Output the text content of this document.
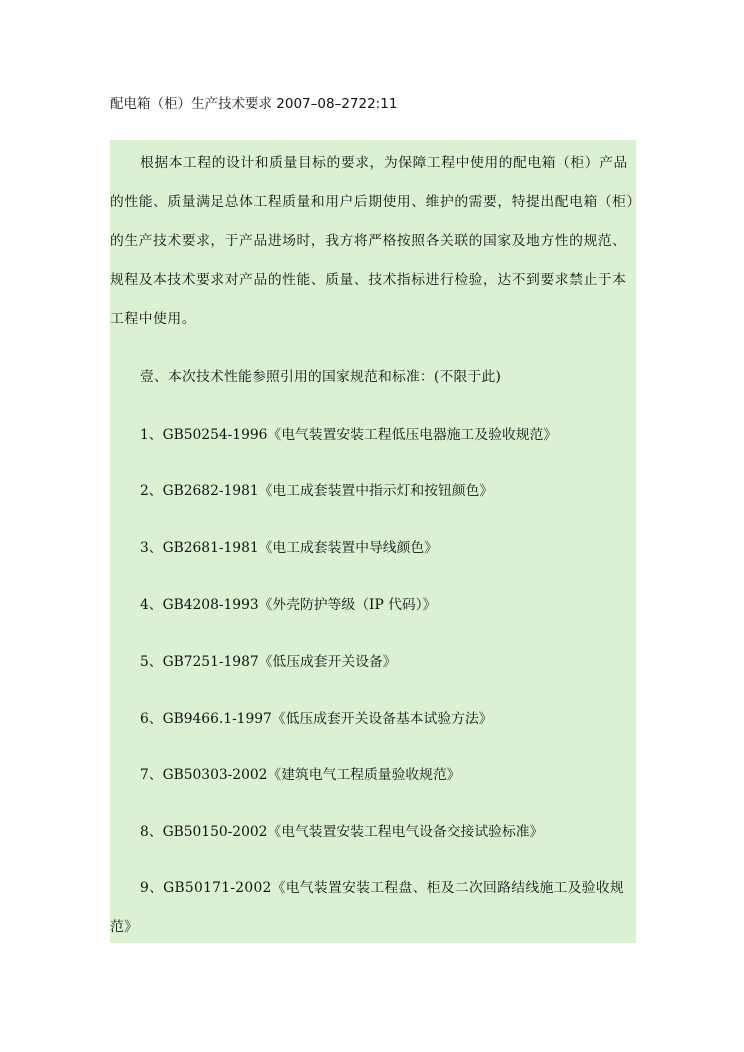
配电箱（柜）生产技术要求 2007–08–2722:11

根据本工程的设计和质量目标的要求，为保障工程中使用的配电箱（柜）产品的性能、质量满足总体工程质量和用户后期使用、维护的需要，特提出配电箱（柜）的生产技术要求，于产品进场时，我方将严格按照各关联的国家及地方性的规范、规程及本技术要求对产品的性能、质量、技术指标进行检验，达不到要求禁止于本工程中使用。

壹、本次技术性能参照引用的国家规范和标准：(不限于此)

1、GB50254-1996《电气装置安装工程低压电器施工及验收规范》
2、GB2682-1981《电工成套装置中指示灯和按钮颜色》
3、GB2681-1981《电工成套装置中导线颜色》
4、GB4208-1993《外壳防护等级（IP 代码）》
5、GB7251-1987《低压成套开关设备》
6、GB9466.1-1997《低压成套开关设备基本试验方法》
7、GB50303-2002《建筑电气工程质量验收规范》
8、GB50150-2002《电气装置安装工程电气设备交接试验标准》
9、GB50171-2002《电气装置安装工程盘、柜及二次回路结线施工及验收规范》
